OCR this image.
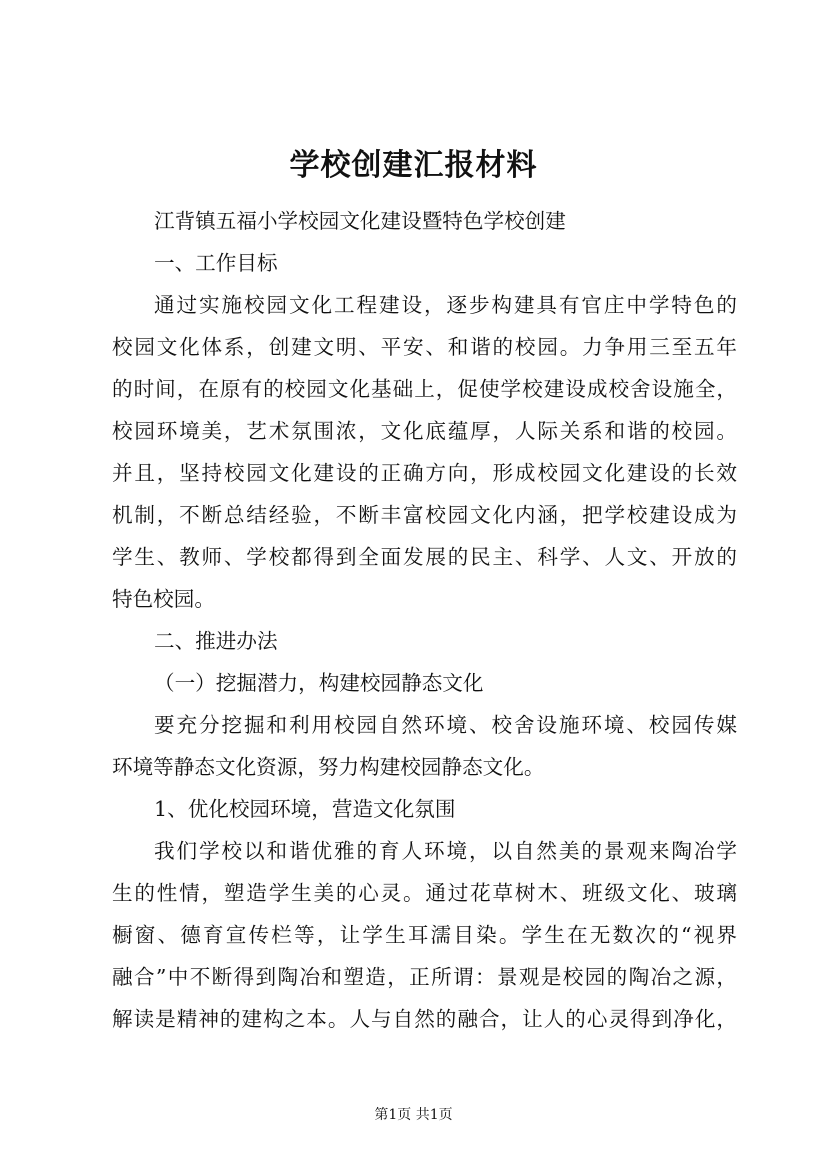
学校创建汇报材料
江背镇五福小学校园文化建设暨特色学校创建
一、工作目标
通过实施校园文化工程建设，逐步构建具有官庄中学特色的
校园文化体系，创建文明、平安、和谐的校园。力争用三至五年
的时间，在原有的校园文化基础上，促使学校建设成校舍设施全，
校园环境美，艺术氛围浓，文化底蕴厚，人际关系和谐的校园。
并且，坚持校园文化建设的正确方向，形成校园文化建设的长效
机制，不断总结经验，不断丰富校园文化内涵，把学校建设成为
学生、教师、学校都得到全面发展的民主、科学、人文、开放的
特色校园。
二、推进办法
（一）挖掘潜力，构建校园静态文化
要充分挖掘和利用校园自然环境、校舍设施环境、校园传媒
环境等静态文化资源，努力构建校园静态文化。
1、优化校园环境，营造文化氛围
我们学校以和谐优雅的育人环境，以自然美的景观来陶冶学
生的性情，塑造学生美的心灵。通过花草树木、班级文化、玻璃
橱窗、德育宣传栏等，让学生耳濡目染。学生在无数次的“视界
融合”中不断得到陶冶和塑造，正所谓：景观是校园的陶冶之源，
解读是精神的建构之本。人与自然的融合，让人的心灵得到净化，
第1页 共1页
